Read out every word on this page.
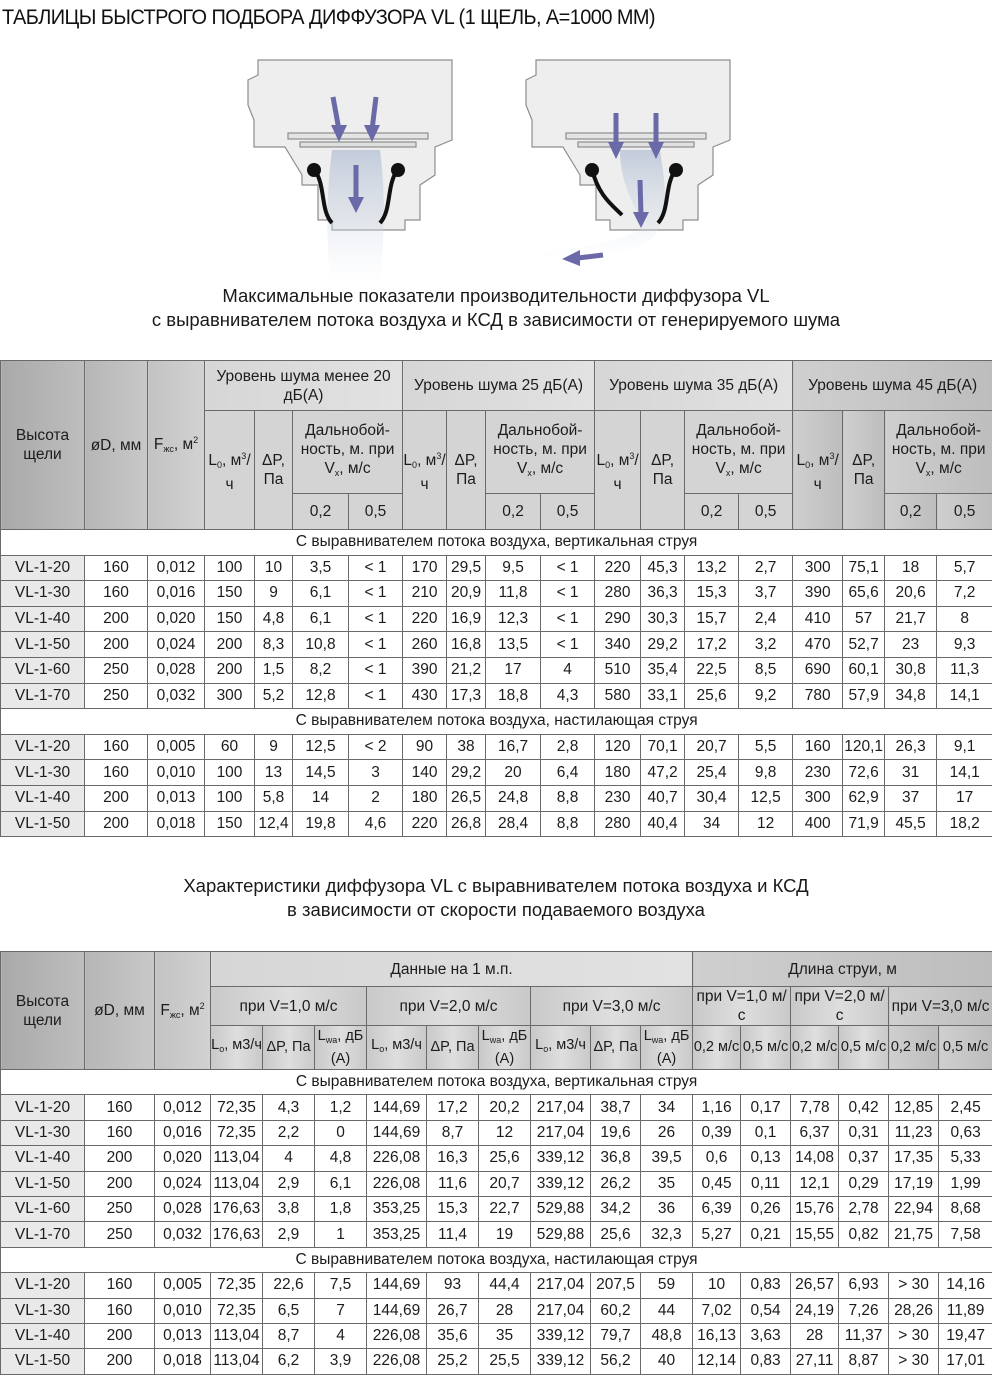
ТАБЛИЦЫ БЫСТРОГО ПОДБОРА ДИФФУЗОРА VL (1 ЩЕЛЬ, A=1000 ММ)
Максимальные показатели производительности диффузора VL
с выравнивателем потока воздуха и КСД в зависимости от генерируемого шума
Высота щели	øD, мм	$F_{жс}$, $м^2$	Уровень шума менее 20 дБ(А)				Уровень шума 25 дБ(А)				Уровень шума 35 дБ(А)				Уровень шума 45 дБ(А)			
			$L_0$, $м^3/ч$	ΔP, Па	Дальнобой-ность, м. при $V_x$, м/с		$L_0$, $м^3/ч$	ΔP, Па	Дальнобой-ность, м. при $V_x$, м/с		$L_0$, $м^3/ч$	ΔP, Па	Дальнобой-ность, м. при $V_x$, м/с		$L_0$, $м^3/ч$	ΔP, Па	Дальнобой-ность, м. при $V_x$, м/с	
					0,2	0,5			0,2	0,5			0,2	0,5			0,2	0,5
С выравнивателем потока воздуха, вертикальная струя																		
VL-1-20	160	0,012	100	10	3,5	< 1	170	29,5	9,5	< 1	220	45,3	13,2	2,7	300	75,1	18	5,7
VL-1-30	160	0,016	150	9	6,1	< 1	210	20,9	11,8	< 1	280	36,3	15,3	3,7	390	65,6	20,6	7,2
VL-1-40	200	0,020	150	4,8	6,1	< 1	220	16,9	12,3	< 1	290	30,3	15,7	2,4	410	57	21,7	8
VL-1-50	200	0,024	200	8,3	10,8	< 1	260	16,8	13,5	< 1	340	29,2	17,2	3,2	470	52,7	23	9,3
VL-1-60	250	0,028	200	1,5	8,2	< 1	390	21,2	17	4	510	35,4	22,5	8,5	690	60,1	30,8	11,3
VL-1-70	250	0,032	300	5,2	12,8	< 1	430	17,3	18,8	4,3	580	33,1	25,6	9,2	780	57,9	34,8	14,1
С выравнивателем потока воздуха, настилающая струя																		
VL-1-20	160	0,005	60	9	12,5	< 2	90	38	16,7	2,8	120	70,1	20,7	5,5	160	120,1	26,3	9,1
VL-1-30	160	0,010	100	13	14,5	3	140	29,2	20	6,4	180	47,2	25,4	9,8	230	72,6	31	14,1
VL-1-40	200	0,013	100	5,8	14	2	180	26,5	24,8	8,8	230	40,7	30,4	12,5	300	62,9	37	17
VL-1-50	200	0,018	150	12,4	19,8	4,6	220	26,8	28,4	8,8	280	40,4	34	12	400	71,9	45,5	18,2
Характеристики диффузора VL с выравнивателем потока воздуха и КСД
в зависимости от скорости подаваемого воздуха
Высота щели	øD, мм	$F_{жс}$, $м^2$	Данные на 1 м.п.									Длина струи, м					
			при V=1,0 м/с			при V=2,0 м/с			при V=3,0 м/с			при V=1,0 м/с		при V=2,0 м/с		при V=3,0 м/с	
			$L_o$, м3/ч	ΔP, Па	$L_{wa}$, дБ (А)	$L_o$, м3/ч	ΔP, Па	$L_{wa}$, дБ (А)	$L_o$, м3/ч	ΔP, Па	$L_{wa}$, дБ (А)	0,2 м/с	0,5 м/с	0,2 м/с	0,5 м/с	0,2 м/с	0,5 м/с
С выравнивателем потока воздуха, вертикальная струя																	
VL-1-20	160	0,012	72,35	4,3	1,2	144,69	17,2	20,2	217,04	38,7	34	1,16	0,17	7,78	0,42	12,85	2,45
VL-1-30	160	0,016	72,35	2,2	0	144,69	8,7	12	217,04	19,6	26	0,39	0,1	6,37	0,31	11,23	0,63
VL-1-40	200	0,020	113,04	4	4,8	226,08	16,3	25,6	339,12	36,8	39,5	0,6	0,13	14,08	0,37	17,35	5,33
VL-1-50	200	0,024	113,04	2,9	6,1	226,08	11,6	20,7	339,12	26,2	35	0,45	0,11	12,1	0,29	17,19	1,99
VL-1-60	250	0,028	176,63	3,8	1,8	353,25	15,3	22,7	529,88	34,2	36	6,39	0,26	15,76	2,78	22,94	8,68
VL-1-70	250	0,032	176,63	2,9	1	353,25	11,4	19	529,88	25,6	32,3	5,27	0,21	15,55	0,82	21,75	7,58
С выравнивателем потока воздуха, настилающая струя																	
VL-1-20	160	0,005	72,35	22,6	7,5	144,69	93	44,4	217,04	207,5	59	10	0,83	26,57	6,93	> 30	14,16
VL-1-30	160	0,010	72,35	6,5	7	144,69	26,7	28	217,04	60,2	44	7,02	0,54	24,19	7,26	28,26	11,89
VL-1-40	200	0,013	113,04	8,7	4	226,08	35,6	35	339,12	79,7	48,8	16,13	3,63	28	11,37	> 30	19,47
VL-1-50	200	0,018	113,04	6,2	3,9	226,08	25,2	25,5	339,12	56,2	40	12,14	0,83	27,11	8,87	> 30	17,01
